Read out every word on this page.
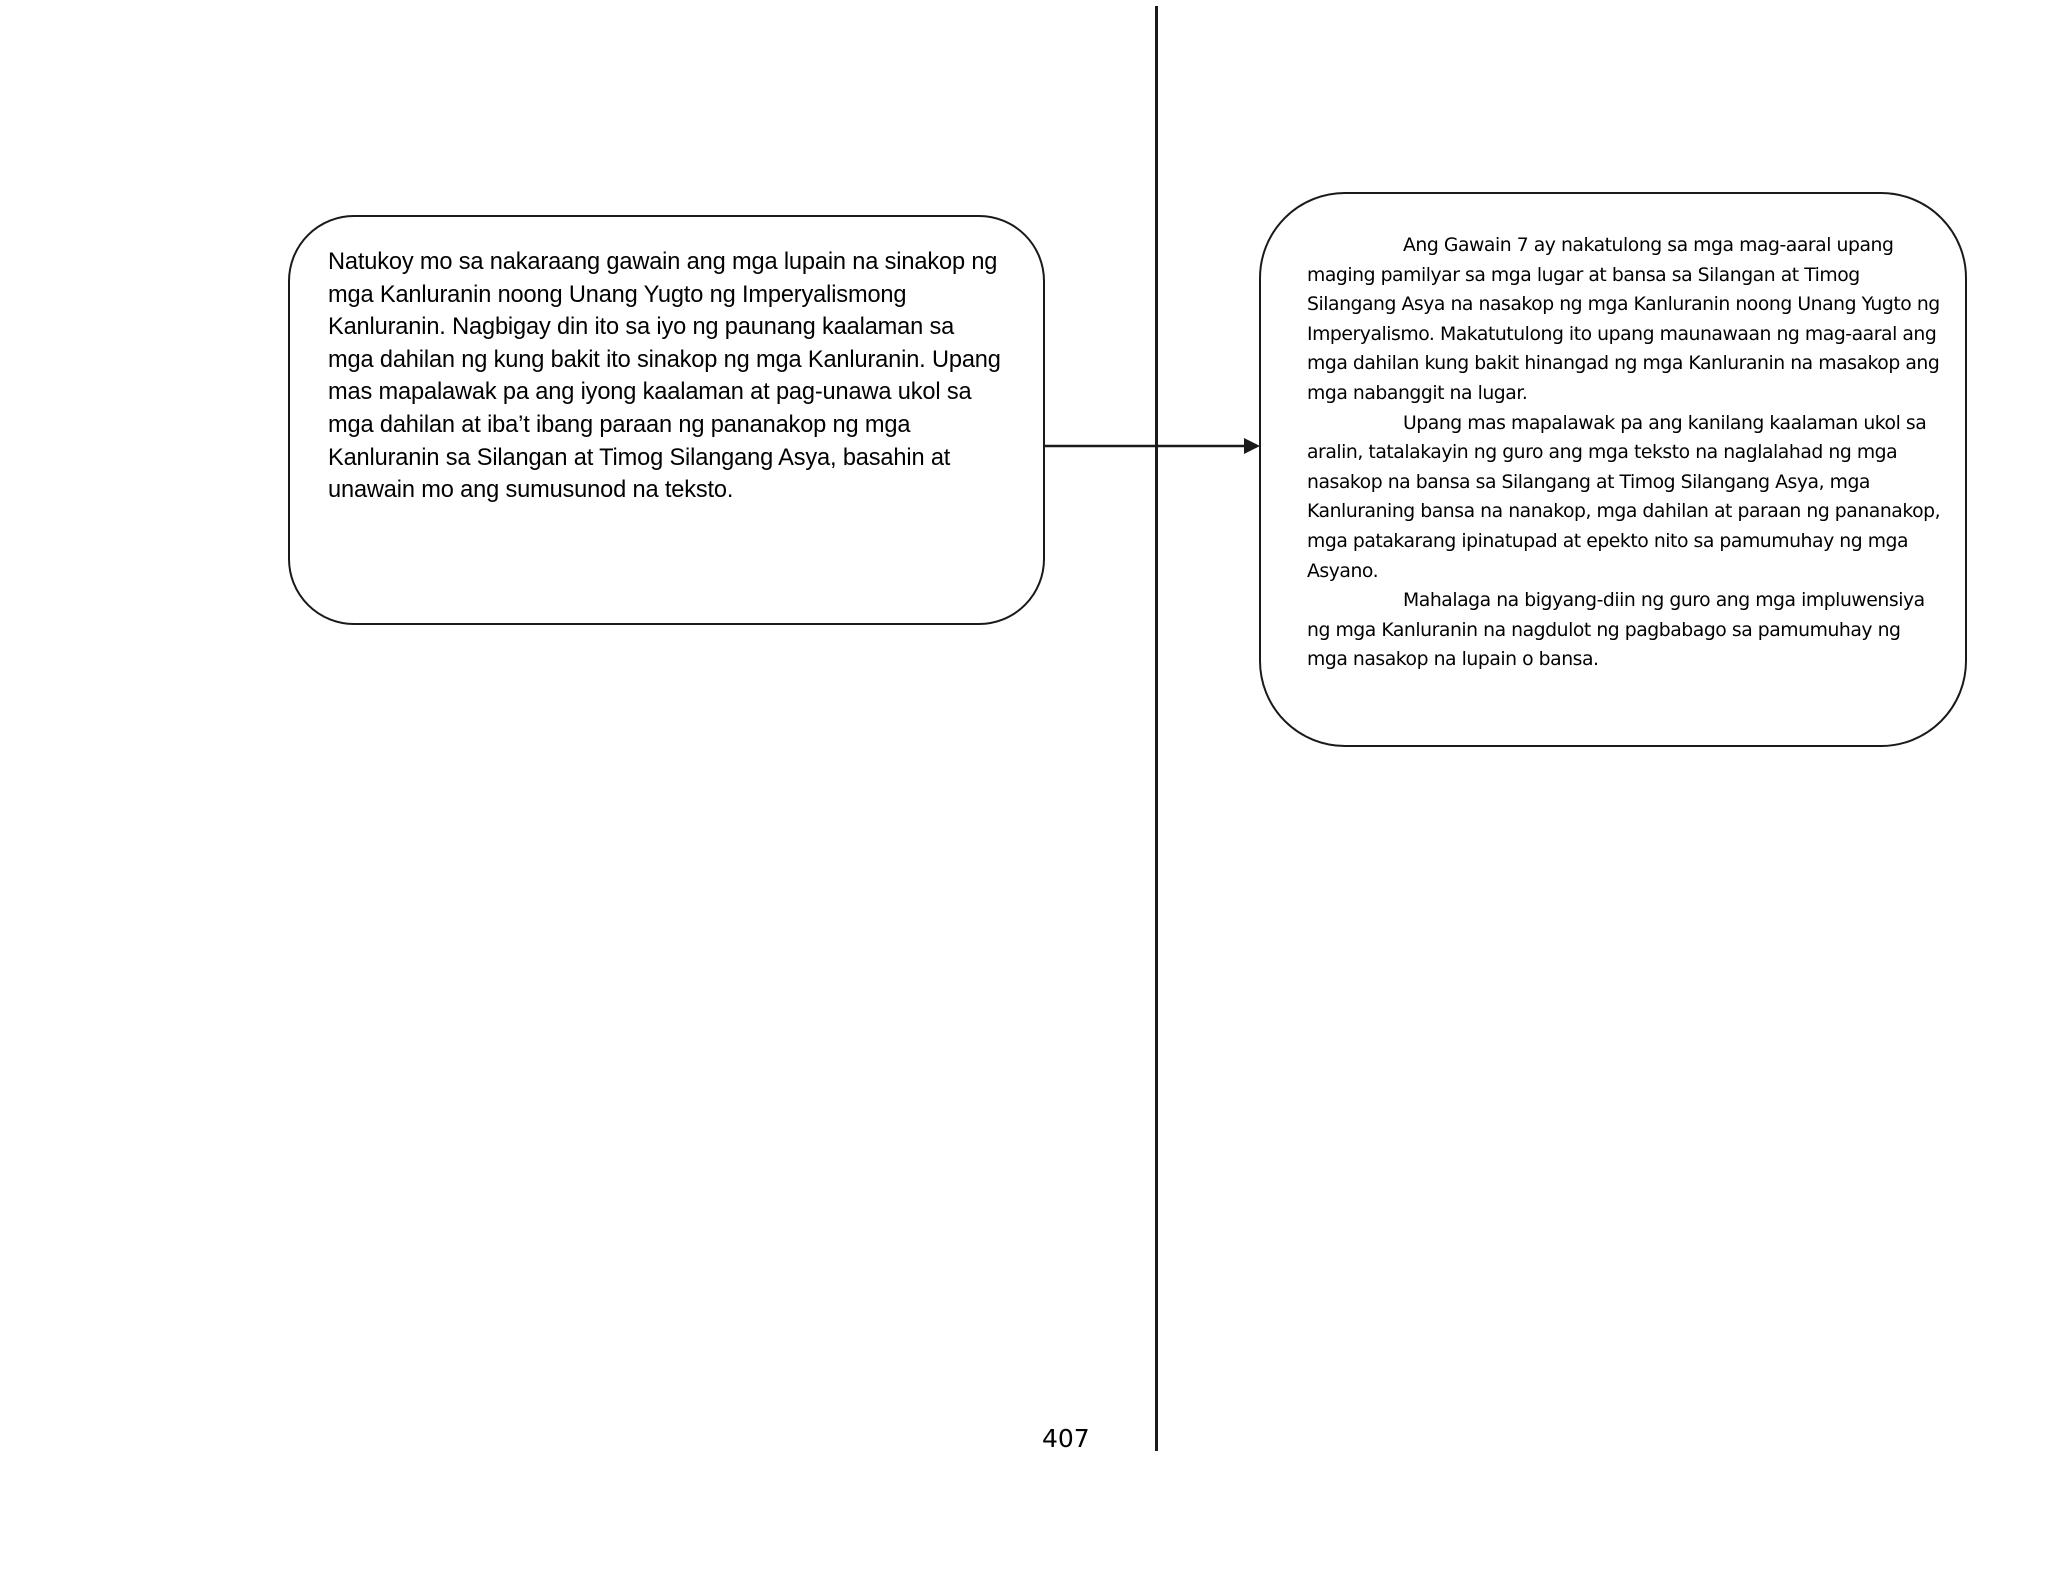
Natukoy mo sa nakaraang gawain ang mga lupain na sinakop ng mga Kanluranin noong Unang Yugto ng Imperyalismong Kanluranin. Nagbigay din ito sa iyo ng paunang kaalaman sa mga dahilan ng kung bakit ito sinakop ng mga Kanluranin. Upang mas mapalawak pa ang iyong kaalaman at pag-unawa ukol sa mga dahilan at iba’t ibang paraan ng pananakop ng mga Kanluranin sa Silangan at Timog Silangang Asya, basahin at unawain mo ang sumusunod na teksto.

Ang Gawain 7 ay nakatulong sa mga mag-aaral upang maging pamilyar sa mga lugar at bansa sa Silangan at Timog Silangang Asya na nasakop ng mga Kanluranin noong Unang Yugto ng Imperyalismo. Makatutulong ito upang maunawaan ng mag-aaral ang mga dahilan kung bakit hinangad ng mga Kanluranin na masakop ang mga nabanggit na lugar.

Upang mas mapalawak pa ang kanilang kaalaman ukol sa aralin, tatalakayin ng guro ang mga teksto na naglalahad ng mga nasakop na bansa sa Silangang at Timog Silangang Asya, mga Kanluraning bansa na nanakop, mga dahilan at paraan ng pananakop, mga patakarang ipinatupad at epekto nito sa pamumuhay ng mga Asyano.

Mahalaga na bigyang-diin ng guro ang mga impluwensiya ng mga Kanluranin na nagdulot ng pagbabago sa pamumuhay ng mga nasakop na lupain o bansa.

407
